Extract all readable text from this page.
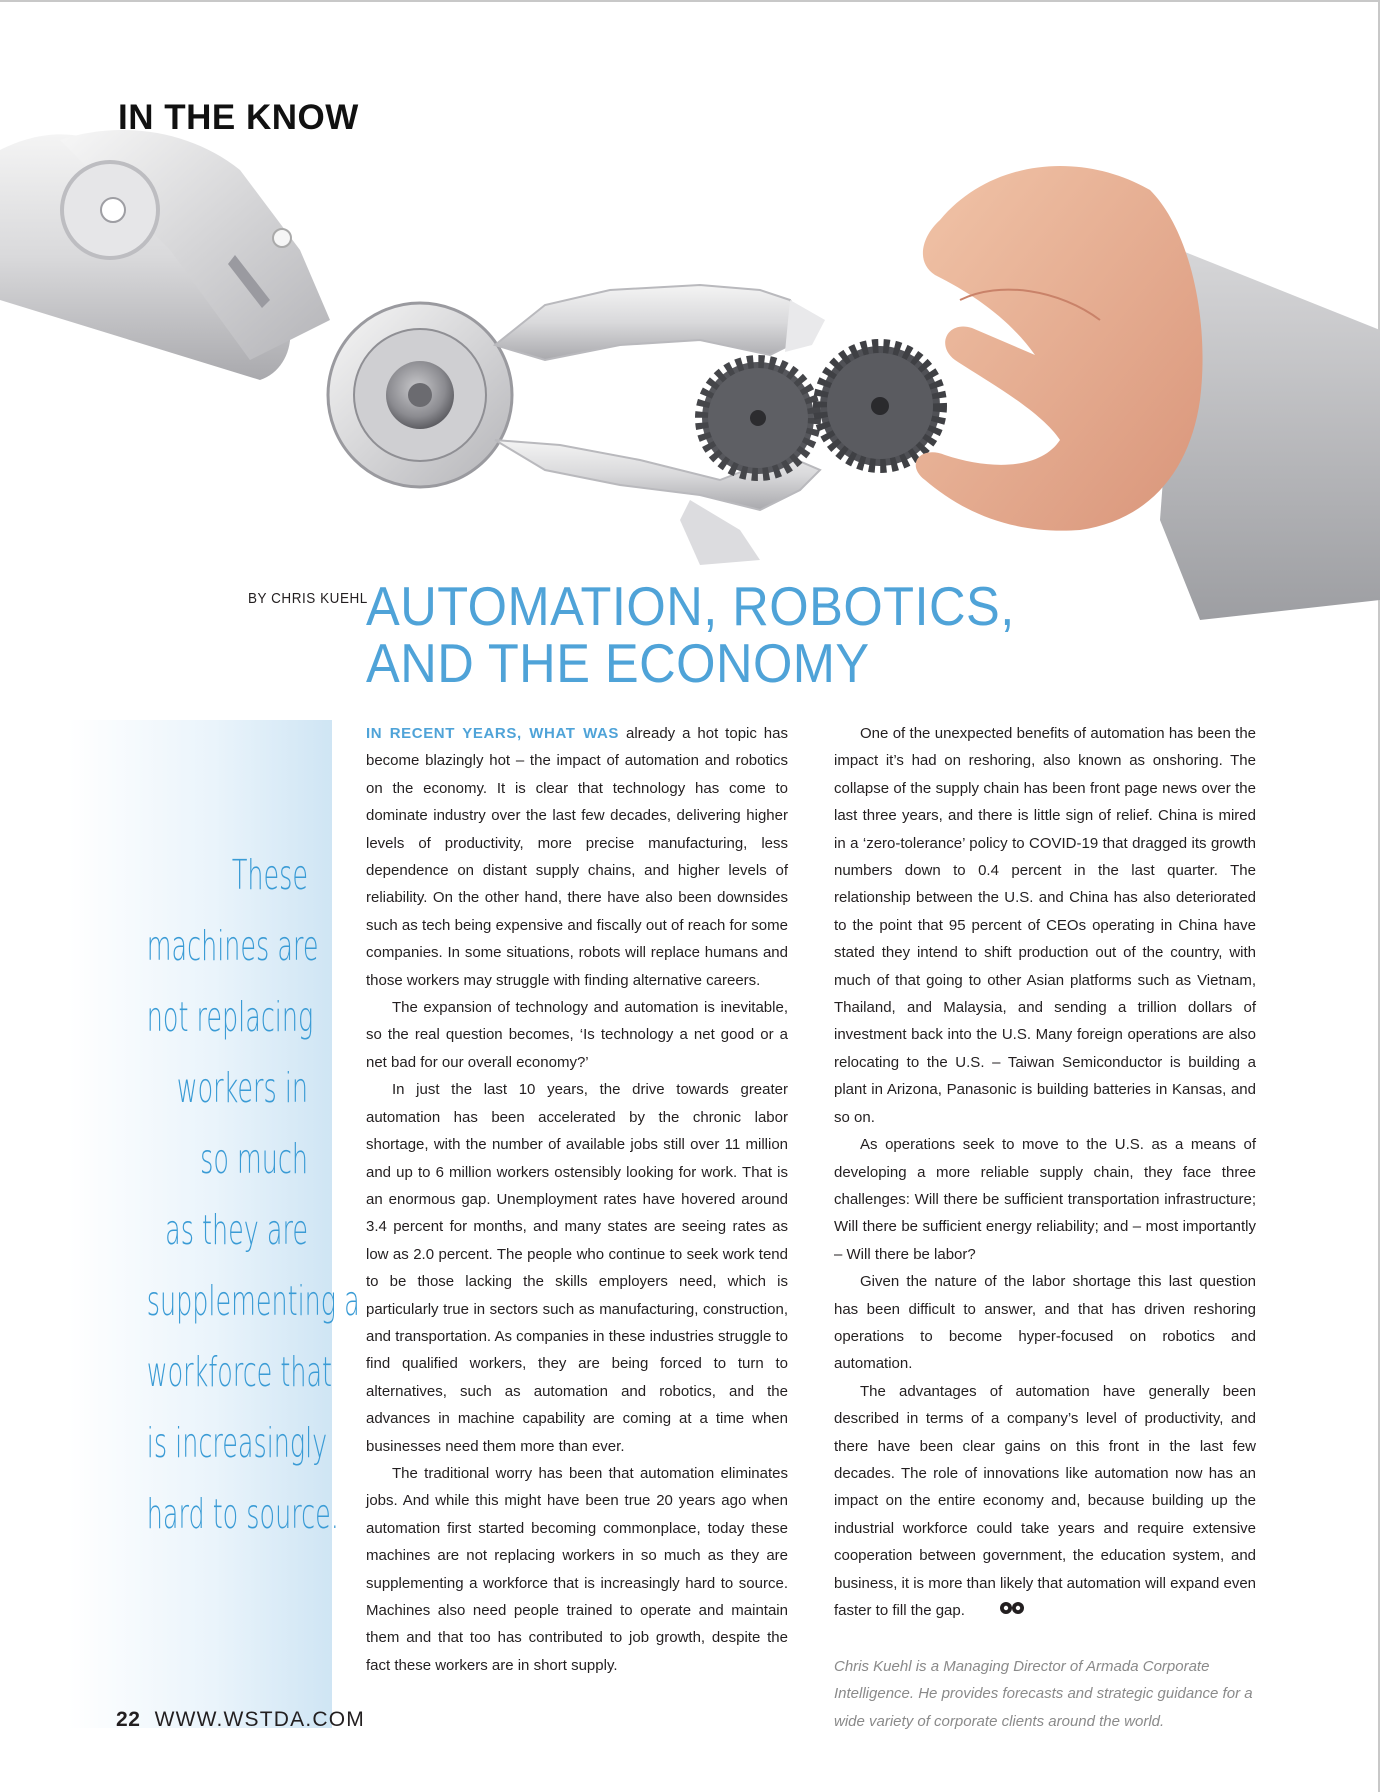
IN THE KNOW
BY CHRIS KUEHL
AUTOMATION, ROBOTICS,
AND THE ECONOMY
These
machines are
not replacing
workers in
so much
as they are
supplementing a
workforce that
is increasingly
hard to source.

IN RECENT YEARS, WHAT WAS already a hot topic has become blazingly hot – the impact of automation and robotics on the economy. It is clear that technology has come to dominate industry over the last few decades, delivering higher levels of productivity, more precise manufacturing, less dependence on distant supply chains, and higher levels of reliability. On the other hand, there have also been downsides such as tech being expensive and fiscally out of reach for some companies. In some situations, robots will replace humans and those workers may struggle with finding alternative careers.

The expansion of technology and automation is inevitable, so the real question becomes, ‘Is technology a net good or a net bad for our overall economy?’

In just the last 10 years, the drive towards greater automation has been accelerated by the chronic labor shortage, with the number of available jobs still over 11 million and up to 6 million workers ostensibly looking for work. That is an enormous gap. Unemployment rates have hovered around 3.4 percent for months, and many states are seeing rates as low as 2.0 percent. The people who continue to seek work tend to be those lacking the skills employers need, which is particularly true in sectors such as manufacturing, construction, and transportation. As companies in these industries struggle to find qualified workers, they are being forced to turn to alternatives, such as automation and robotics, and the advances in machine capability are coming at a time when businesses need them more than ever.

The traditional worry has been that automation eliminates jobs. And while this might have been true 20 years ago when automation first started becoming commonplace, today these machines are not replacing workers in so much as they are supplementing a workforce that is increasingly hard to source. Machines also need people trained to operate and maintain them and that too has contributed to job growth, despite the fact these workers are in short supply.

One of the unexpected benefits of automation has been the impact it’s had on reshoring, also known as onshoring. The collapse of the supply chain has been front page news over the last three years, and there is little sign of relief. China is mired in a ‘zero-tolerance’ policy to COVID-19 that dragged its growth numbers down to 0.4 percent in the last quarter. The relationship between the U.S. and China has also deteriorated to the point that 95 percent of CEOs operating in China have stated they intend to shift production out of the country, with much of that going to other Asian platforms such as Vietnam, Thailand, and Malaysia, and sending a trillion dollars of investment back into the U.S. Many foreign operations are also relocating to the U.S. – Taiwan Semiconductor is building a plant in Arizona, Panasonic is building batteries in Kansas, and so on.

As operations seek to move to the U.S. as a means of developing a more reliable supply chain, they face three challenges: Will there be sufficient transportation infrastructure; Will there be sufficient energy reliability; and – most importantly – Will there be labor?

Given the nature of the labor shortage this last question has been difficult to answer, and that has driven reshoring operations to become hyper-focused on robotics and automation.

The advantages of automation have generally been described in terms of a company’s level of productivity, and there have been clear gains on this front in the last few decades. The role of innovations like automation now has an impact on the entire economy and, because building up the industrial workforce could take years and require extensive cooperation between government, the education system, and business, it is more than likely that automation will expand even faster to fill the gap.

Chris Kuehl is a Managing Director of Armada Corporate Intelligence. He provides forecasts and strategic guidance for a wide variety of corporate clients around the world.

22 WWW.WSTDA.COM
